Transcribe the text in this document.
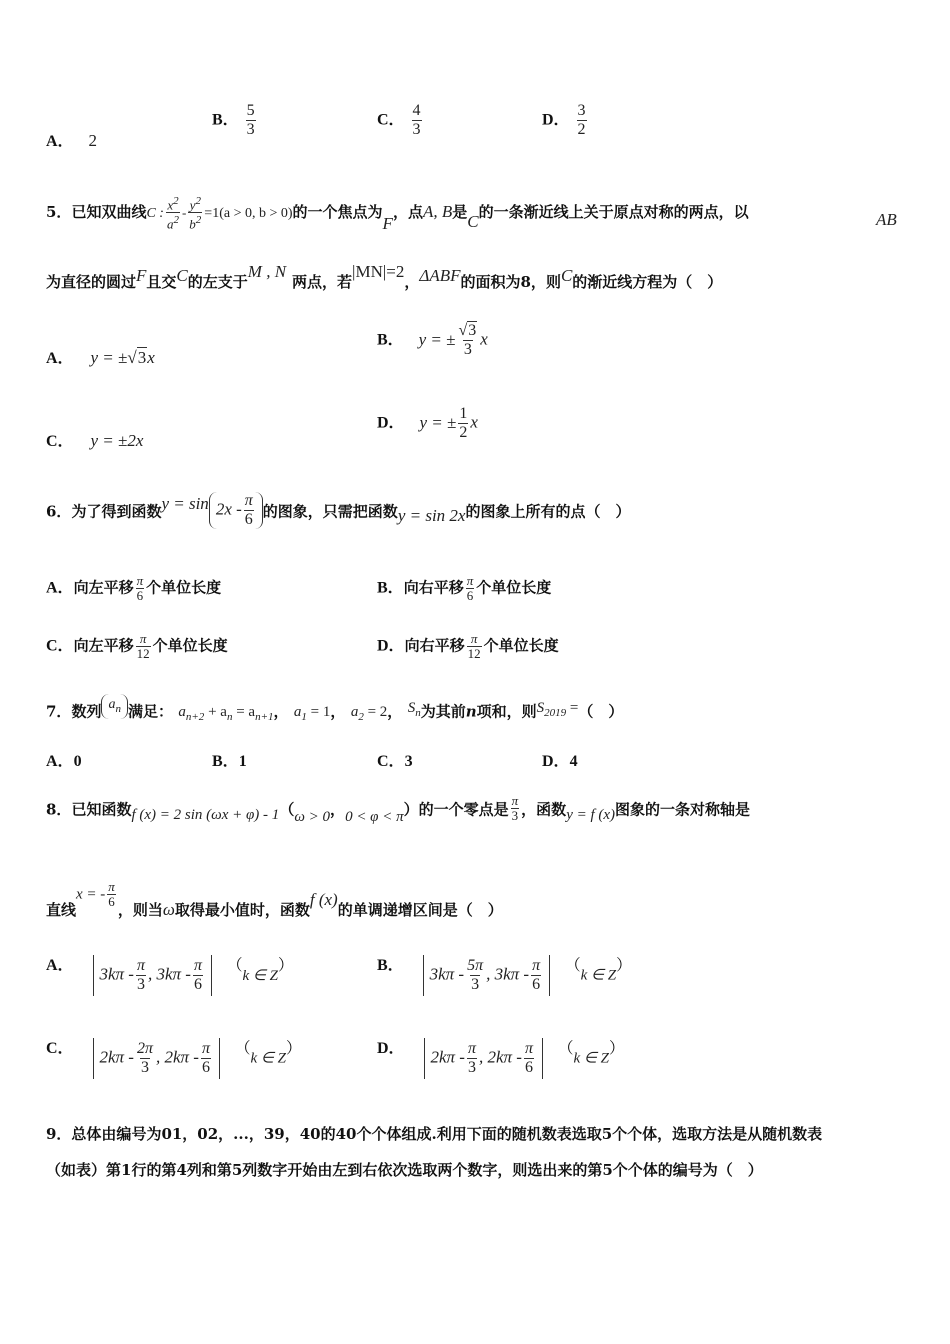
A． 2
B． $\frac{5}{3}$	C． $\frac{4}{3}$	D． $\frac{3}{2}$
5．已知双曲线C : $\frac{x^2}{a^2} - \frac{y^2}{b^2} =1(a > 0$, b > 0)的一个焦点为F，点A, B是C的一条渐近线上关于原点对称的两点，以	AB
为直径的圆过F且交C的左支于M , N两点，若|MN|=2，ΔABF的面积为8，则C的渐近线方程为（　）
A． y = ±√3x
B． y = ± $\frac{√3}{3}$ x
C． y = ±2x
D． y = ± $\frac{1}{2}$ x
6．为了得到函数$y = \sin 2x - \frac{\pi}{6}$ 的图象，只需把函数y = sin 2x的图象上所有的点（　）
A．向左平移 $\frac{\pi}{6}$ 个单位长度	B．向右平移 $\frac{\pi}{6}$ 个单位长度
C．向左平移 $\frac{\pi}{12}$ 个单位长度	D．向右平移 $\frac{\pi}{12}$ 个单位长度
7．数列 $a_n$ 满足： $a_{n+2} + a_n = a_{n+1}$， $a_1 = 1$， $a_2 = 2$， $S_n$为其前n项和，则$S_{2019}$ =（　）
A．0	B．1	C．3	D．4
8．已知函数f (x) = 2 sin (ωx + φ) - 1（ω > 0，0 < φ < π）的一个零点是 $\frac{\pi}{3}$ ，函数y = f (x)图象的一条对称轴是
直线x = - $\frac{\pi}{6}$
，则当ω取得最小值时，函数f (x)的单调递增区间是（　）
A． $3k\pi - \frac{\pi}{3}$ , $3k\pi - \frac{\pi}{6} (k$ ∈ Z）	B． $3k\pi - \frac{5\pi}{3}$ , $3k\pi - \frac{\pi}{6} (k$ ∈ Z）
C． $2k\pi - \frac{2\pi}{3}$ , $2k\pi - \frac{\pi}{6} (k$ ∈ Z）	D． $2k\pi - \frac{\pi}{3}$ , $2k\pi - \frac{\pi}{6} (k$ ∈ Z）
9．总体由编号为01，02，...，39，40的40个个体组成.利用下面的随机数表选取5个个体，选取方法是从随机数表
（如表）第1行的第4列和第5列数字开始由左到右依次选取两个数字，则选出来的第5个个体的编号为（　）
